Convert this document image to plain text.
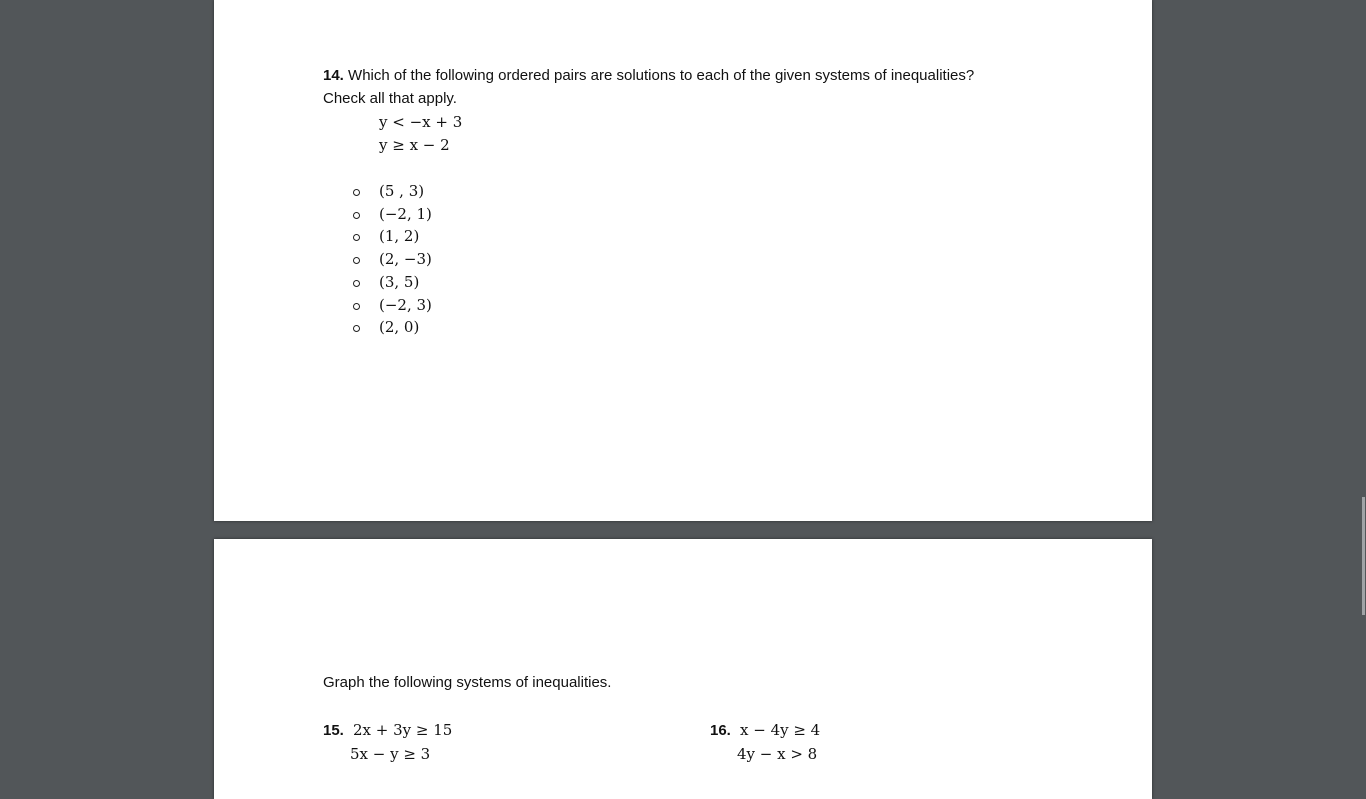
14. Which of the following ordered pairs are solutions to each of the given systems of inequalities?
Check all that apply.
y < −x + 3
y ≥ x − 2
(5 , 3)
(−2, 1)
(1, 2)
(2, −3)
(3, 5)
(−2, 3)
(2, 0)
Graph the following systems of inequalities.
15. 2x + 3y ≥ 15
5x − y ≥ 3
16. x − 4y ≥ 4
4y − x > 8
